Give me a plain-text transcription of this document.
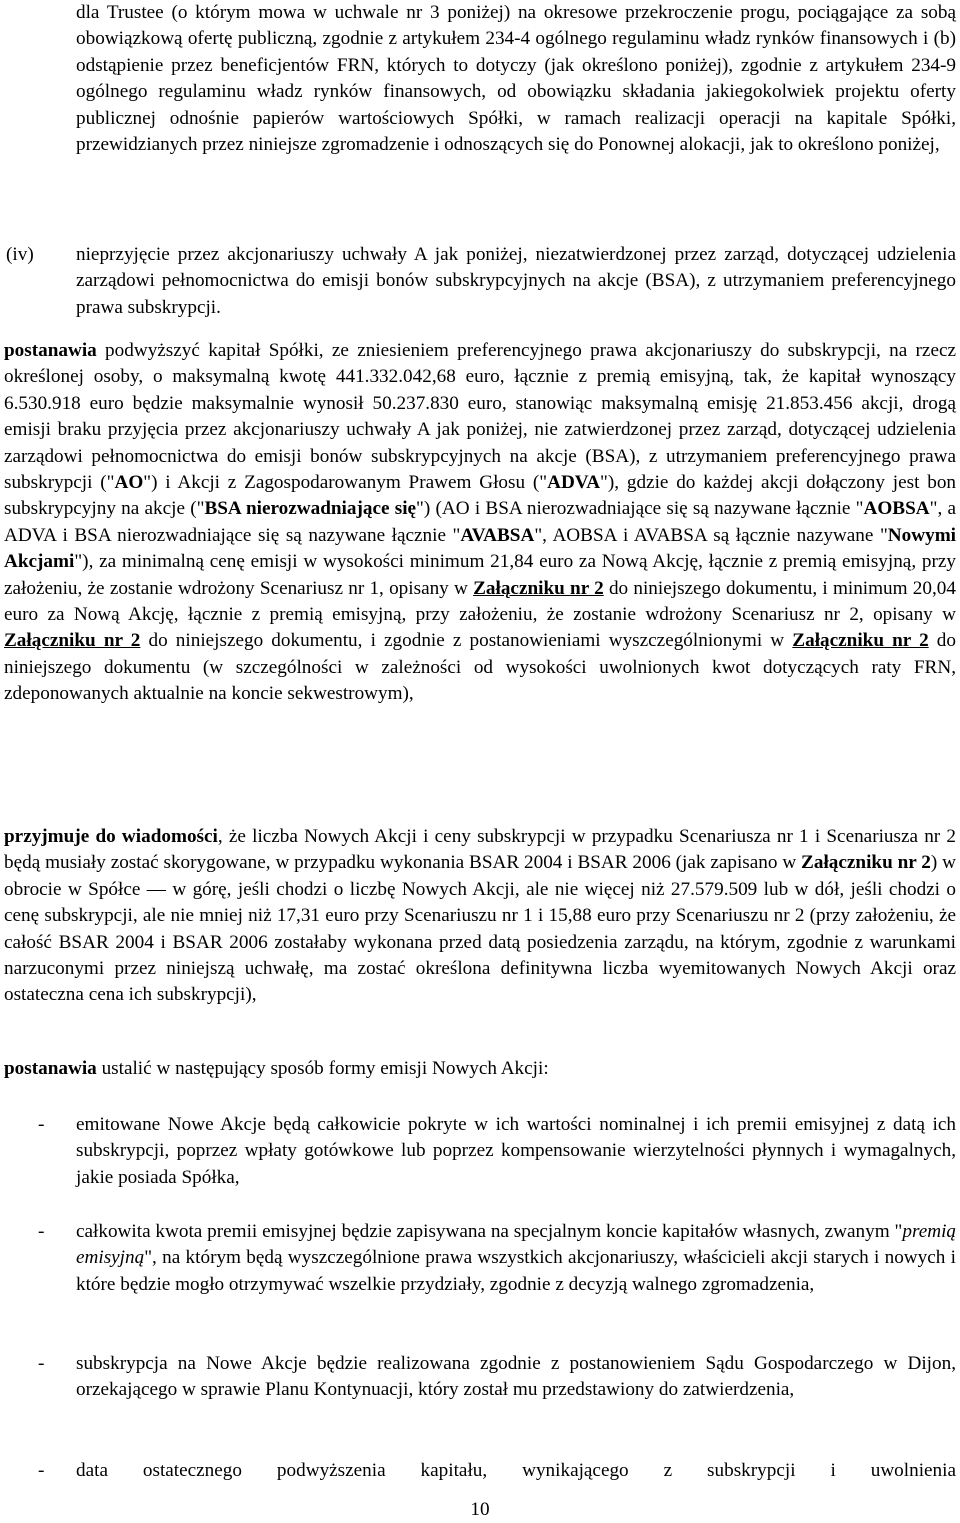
dla Trustee (o którym mowa w uchwale nr 3 poniżej) na okresowe przekroczenie progu, pociągające za sobą obowiązkową ofertę publiczną, zgodnie z artykułem 234-4 ogólnego regulaminu władz rynków finansowych i (b) odstąpienie przez beneficjentów FRN, których to dotyczy (jak określono poniżej), zgodnie z artykułem 234-9 ogólnego regulaminu władz rynków finansowych, od obowiązku składania jakiegokolwiek projektu oferty publicznej odnośnie papierów wartościowych Spółki, w ramach realizacji operacji na kapitale Spółki, przewidzianych przez niniejsze zgromadzenie i odnoszących się do Ponownej alokacji, jak to określono poniżej,
(iv) nieprzyjęcie przez akcjonariuszy uchwały A jak poniżej, niezatwierdzonej przez zarząd, dotyczącej udzielenia zarządowi pełnomocnictwa do emisji bonów subskrypcyjnych na akcje (BSA), z utrzymaniem preferencyjnego prawa subskrypcji.
postanawia podwyższyć kapitał Spółki, ze zniesieniem preferencyjnego prawa akcjonariuszy do subskrypcji, na rzecz określonej osoby, o maksymalną kwotę 441.332.042,68 euro, łącznie z premią emisyjną, tak, że kapitał wynoszący 6.530.918 euro będzie maksymalnie wynosił 50.237.830 euro, stanowiąc maksymalną emisję 21.853.456 akcji, drogą emisji braku przyjęcia przez akcjonariuszy uchwały A jak poniżej, nie zatwierdzonej przez zarząd, dotyczącej udzielenia zarządowi pełnomocnictwa do emisji bonów subskrypcyjnych na akcje (BSA), z utrzymaniem preferencyjnego prawa subskrypcji ("AO") i Akcji z Zagospodarowanym Prawem Głosu ("ADVA"), gdzie do każdej akcji dołączony jest bon subskrypcyjny na akcje ("BSA nierozwadniające się") (AO i BSA nierozwadniające się są nazywane łącznie "AOBSA", a ADVA i BSA nierozwadniające się są nazywane łącznie "AVABSA", AOBSA i AVABSA są łącznie nazywane "Nowymi Akcjami"), za minimalną cenę emisji w wysokości minimum 21,84 euro za Nową Akcję, łącznie z premią emisyjną, przy założeniu, że zostanie wdrożony Scenariusz nr 1, opisany w Załączniku nr 2 do niniejszego dokumentu, i minimum 20,04 euro za Nową Akcję, łącznie z premią emisyjną, przy założeniu, że zostanie wdrożony Scenariusz nr 2, opisany w Załączniku nr 2 do niniejszego dokumentu, i zgodnie z postanowieniami wyszczególnionymi w Załączniku nr 2 do niniejszego dokumentu (w szczególności w zależności od wysokości uwolnionych kwot dotyczących raty FRN, zdeponowanych aktualnie na koncie sekwestrowym),
przyjmuje do wiadomości, że liczba Nowych Akcji i ceny subskrypcji w przypadku Scenariusza nr 1 i Scenariusza nr 2 będą musiały zostać skorygowane, w przypadku wykonania BSAR 2004 i BSAR 2006 (jak zapisano w Załączniku nr 2) w obrocie w Spółce — w górę, jeśli chodzi o liczbę Nowych Akcji, ale nie więcej niż 27.579.509 lub w dół, jeśli chodzi o cenę subskrypcji, ale nie mniej niż 17,31 euro przy Scenariuszu nr 1 i 15,88 euro przy Scenariuszu nr 2 (przy założeniu, że całość BSAR 2004 i BSAR 2006 zostałaby wykonana przed datą posiedzenia zarządu, na którym, zgodnie z warunkami narzuconymi przez niniejszą uchwałę, ma zostać określona definitywna liczba wyemitowanych Nowych Akcji oraz ostateczna cena ich subskrypcji),
postanawia ustalić w następujący sposób formy emisji Nowych Akcji:
- emitowane Nowe Akcje będą całkowicie pokryte w ich wartości nominalnej i ich premii emisyjnej z datą ich subskrypcji, poprzez wpłaty gotówkowe lub poprzez kompensowanie wierzytelności płynnych i wymagalnych, jakie posiada Spółka,
- całkowita kwota premii emisyjnej będzie zapisywana na specjalnym koncie kapitałów własnych, zwanym "premią emisyjną", na którym będą wyszczególnione prawa wszystkich akcjonariuszy, właścicieli akcji starych i nowych i które będzie mogło otrzymywać wszelkie przydziały, zgodnie z decyzją walnego zgromadzenia,
- subskrypcja na Nowe Akcje będzie realizowana zgodnie z postanowieniem Sądu Gospodarczego w Dijon, orzekającego w sprawie Planu Kontynuacji, który został mu przedstawiony do zatwierdzenia,
- data ostatecznego podwyższenia kapitału, wynikającego z subskrypcji i uwolnienia
10
